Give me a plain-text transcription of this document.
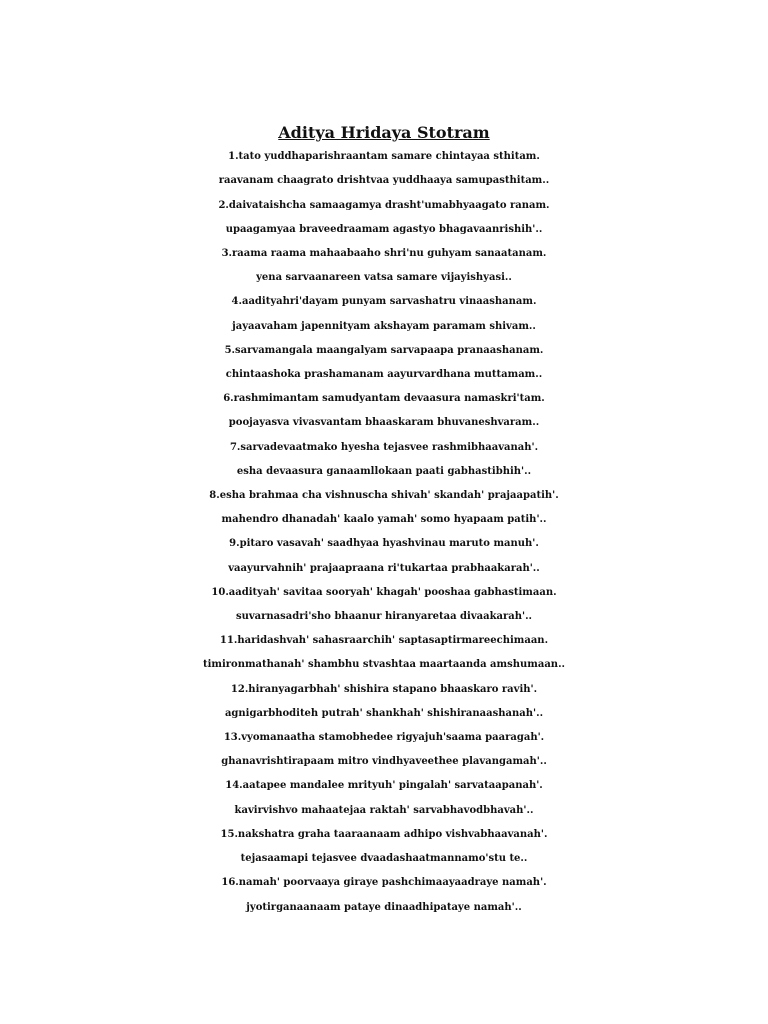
Aditya Hridaya Stotram
1.tato yuddhaparishraantam samare chintayaa sthitam.
raavanam chaagrato drishtvaa yuddhaaya samupasthitam..
2.daivataishcha samaagamya drasht'umabhyaagato ranam.
upaagamyaa braveedraamam agastyo bhagavaanrishih'..
3.raama raama mahaabaaho shri'nu guhyam sanaatanam.
yena sarvaanareen vatsa samare vijayishyasi..
4.aadityahri'dayam punyam sarvashatru vinaashanam.
jayaavaham japennityam akshayam paramam shivam..
5.sarvamangala maangalyam sarvapaapa pranaashanam.
chintaashoka prashamanam aayurvardhana muttamam..
6.rashmimantam samudyantam devaasura namaskri'tam.
poojayasva vivasvantam bhaaskaram bhuvaneshvaram..
7.sarvadevaatmako hyesha tejasvee rashmibhaavanah'.
esha devaasura ganaamllokaan paati gabhastibhih'..
8.esha brahmaa cha vishnuscha shivah' skandah' prajaapatih'.
mahendro dhanadah' kaalo yamah' somo hyapaam patih'..
9.pitaro vasavah' saadhyaa hyashvinau maruto manuh'.
vaayurvahnih' prajaapraana ri'tukartaa prabhaakarah'..
10.aadityah' savitaa sooryah' khagah' pooshaa gabhastimaan.
suvarnasadri'sho bhaanur hiranyaretaa divaakarah'..
11.haridashvah' sahasraarchih' saptasaptirmareechimaan.
timironmathanah' shambhu stvashtaa maartaanda amshumaan..
12.hiranyagarbhah' shishira stapano bhaaskaro ravih'.
agnigarbhoditeh putrah' shankhah' shishiranaashanah'..
13.vyomanaatha stamobhedee rigyajuh'saama paaragah'.
ghanavrishtirapaam mitro vindhyaveethee plavangamah'..
14.aatapee mandalee mrityuh' pingalah' sarvataapanah'.
kavirvishvo mahaatejaa raktah' sarvabhavodbhavah'..
15.nakshatra graha taaraanaam adhipo vishvabhaavanah'.
tejasaamapi tejasvee dvaadashaatmannamo'stu te..
16.namah' poorvaaya giraye pashchimaayaadraye namah'.
jyotirganaanaam pataye dinaadhipataye namah'..
